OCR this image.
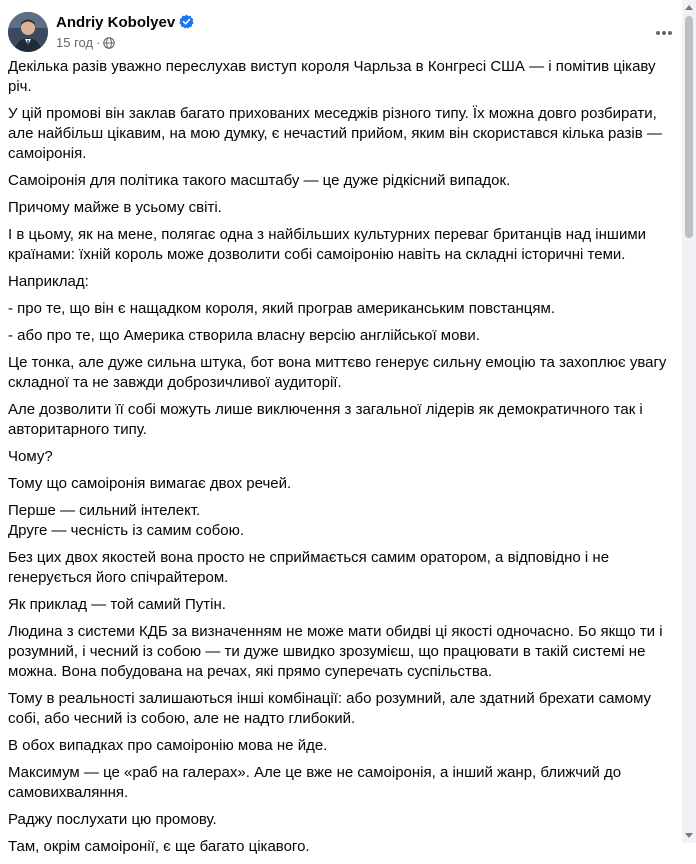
Andriy Kobolyev
15 год ·

Декілька разів уважно переслухав виступ короля Чарльза в Конгресі США — і помітив цікаву річ.

У цій промові він заклав багато прихованих меседжів різного типу. Їх можна довго розбирати, але найбільш цікавим, на мою думку, є нечастий прийом, яким він скористався кілька разів — самоіронія.

Самоіронія для політика такого масштабу — це дуже рідкісний випадок.

Причому майже в усьому світі.

І в цьому, як на мене, полягає одна з найбільших культурних переваг британців над іншими країнами: їхній король може дозволити собі самоіронію навіть на складні історичні теми.

Наприклад:

- про те, що він є нащадком короля, який програв американським повстанцям.

- або про те, що Америка створила власну версію англійської мови.

Це тонка, але дуже сильна штука, бот вона миттєво генерує сильну емоцію та захоплює увагу складної та не завжди доброзичливої аудиторії.

Але дозволити її собі можуть лише виключення з загальної лідерів як демократичного так і авторитарного типу.

Чому?

Тому що самоіронія вимагає двох речей.

Перше — сильний інтелект.

Друге — чесність із самим собою.

Без цих двох якостей вона просто не сприймається самим оратором, а відповідно і не генерується його спічрайтером.

Як приклад — той самий Путін.

Людина з системи КДБ за визначенням не може мати обидві ці якості одночасно. Бо якщо ти і розумний, і чесний із собою — ти дуже швидко зрозумієш, що працювати в такій системі не можна. Вона побудована на речах, які прямо суперечать суспільства.

Тому в реальності залишаються інші комбінації: або розумний, але здатний брехати самому собі, або чесний із собою, але не надто глибокий.

В обох випадках про самоіронію мова не йде.

Максимум — це «раб на галерах». Але це вже не самоіронія, а інший жанр, ближчий до самовихваляння.

Раджу послухати цю промову.

Там, окрім самоіронії, є ще багато цікавого.
